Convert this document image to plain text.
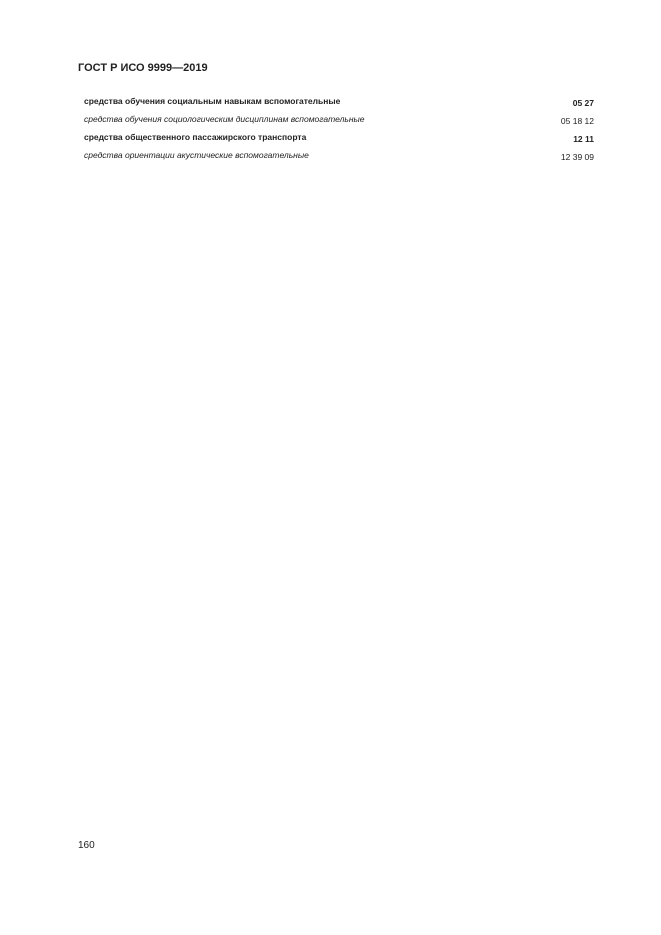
ГОСТ Р ИСО 9999—2019
средства обучения социальным навыкам вспомогательные	05 27
средства обучения социологическим дисциплинам вспомогательные	05 18 12
средства общественного пассажирского транспорта	12 11
средства ориентации акустические вспомогательные	12 39 09
160
